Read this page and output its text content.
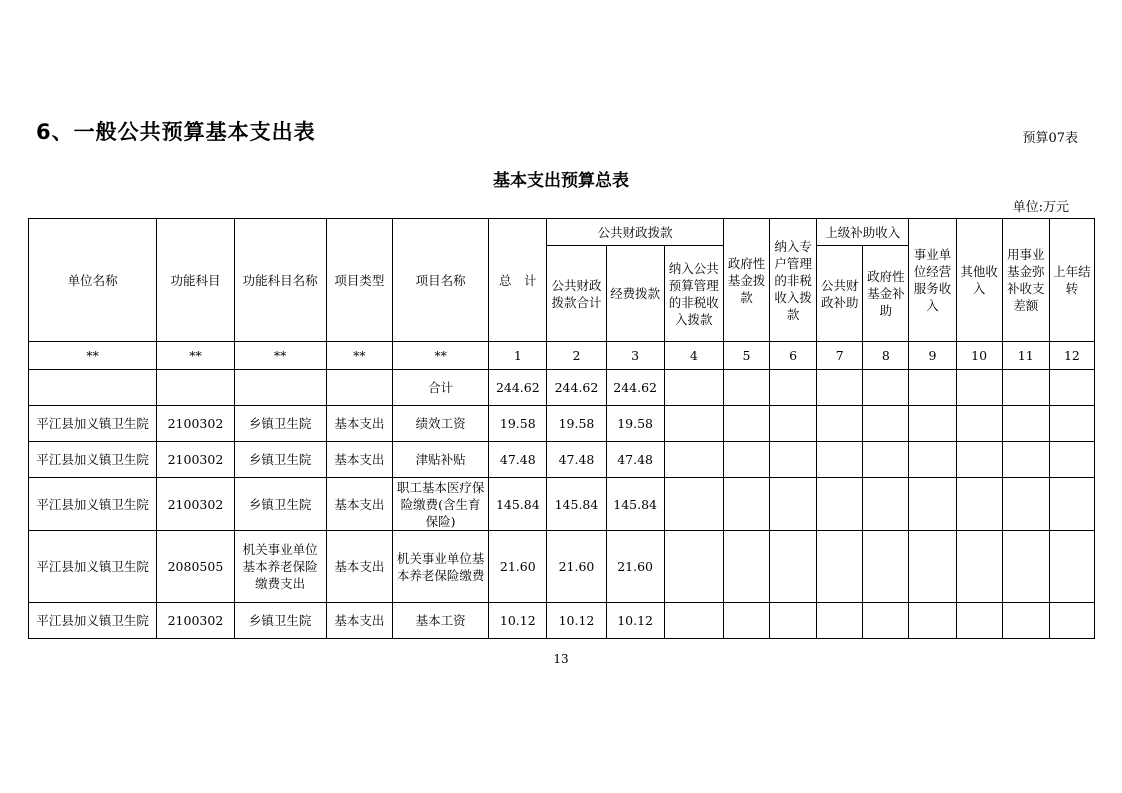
6、一般公共预算基本支出表	预算07表
基本支出预算总表
单位:万元
单位名称	功能科目	功能科目名称	项目类型	项目名称	总　计	公共财政拨款			政府性基金拨款	纳入专户管理的非税收入拨款	上级补助收入		事业单位经营服务收入	其他收入	用事业基金弥补收支差额	上年结转
						公共财政拨款合计	经费拨款	纳入公共预算管理的非税收入拨款			公共财政补助	政府性基金补助				
**	**	**	**	**	1	2	3	4	5	6	7	8	9	10	11	12
				合计	244.62	244.62	244.62									
平江县加义镇卫生院	2100302	乡镇卫生院	基本支出	绩效工资	19.58	19.58	19.58									
平江县加义镇卫生院	2100302	乡镇卫生院	基本支出	津贴补贴	47.48	47.48	47.48									
平江县加义镇卫生院	2100302	乡镇卫生院	基本支出	职工基本医疗保险缴费(含生育保险)	145.84	145.84	145.84									
平江县加义镇卫生院	2080505	机关事业单位基本养老保险缴费支出	基本支出	机关事业单位基本养老保险缴费	21.60	21.60	21.60									
平江县加义镇卫生院	2100302	乡镇卫生院	基本支出	基本工资	10.12	10.12	10.12									
13
